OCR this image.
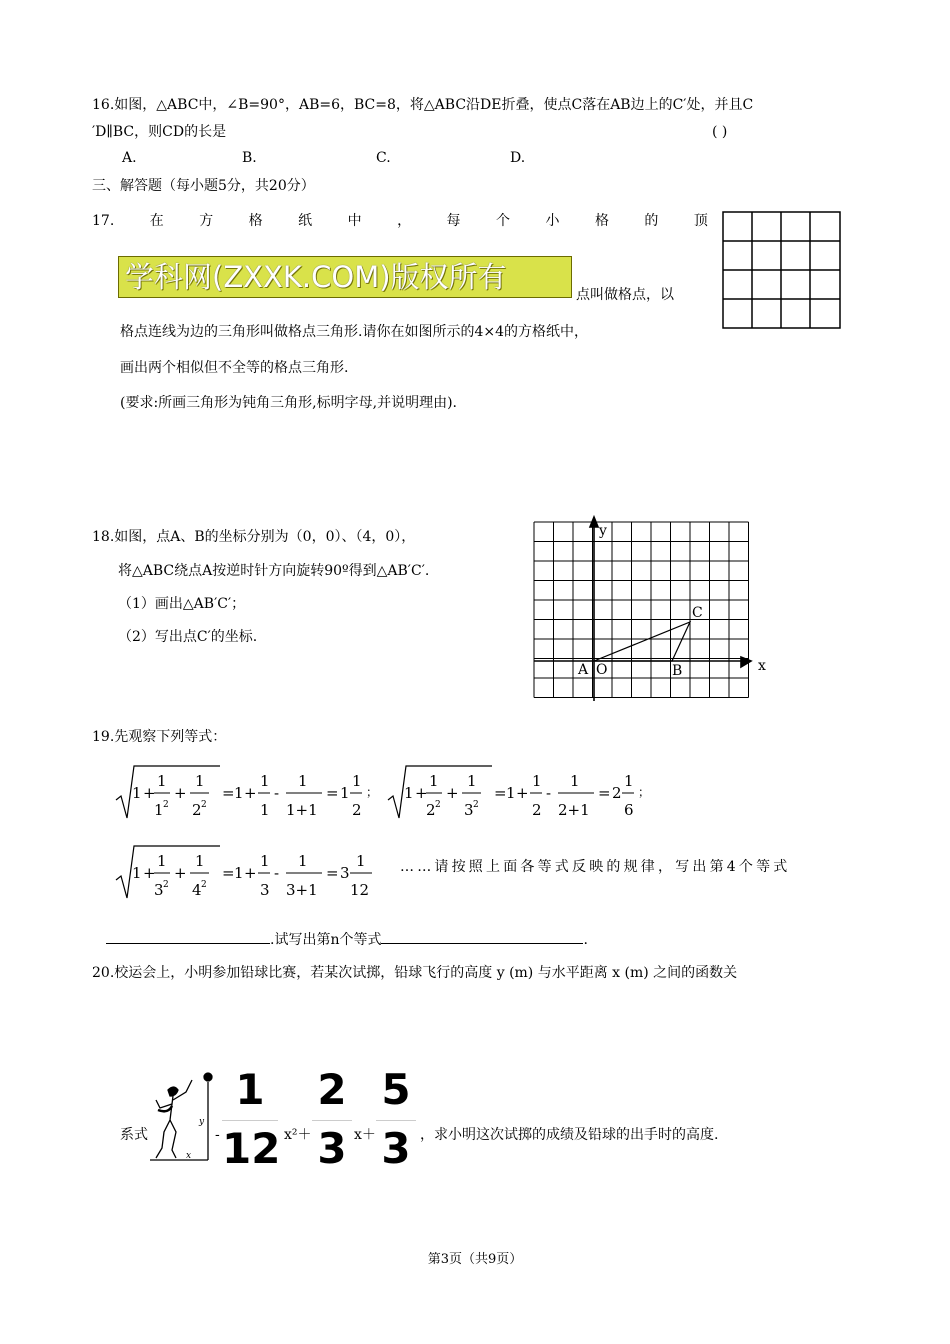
16.如图，△ABC中，∠B=90°，AB=6，BC=8，将△ABC沿DE折叠，使点C落在AB边上的C′处，并且C
′D∥BC，则CD的长是	( )
A.	B.	C.	D.
三、解答题（每小题5分，共20分）
17.	在	方	格	纸	中	，	每	个	小	格	的	顶
学科网(ZXXK.COM)版权所有
点叫做格点，以
格点连线为边的三角形叫做格点三角形.请你在如图所示的4×4的方格纸中，
画出两个相似但不全等的格点三角形.
(要求:所画三角形为钝角三角形,标明字母,并说明理由).
18.如图，点A、B的坐标分别为（0，0）、（4，0），
将△ABC绕点A按逆时针方向旋转90º得到△AB′C′.
（1）画出△AB′C′；
（2）写出点C′的坐标.
y
x
A O	B
C
19.先观察下列等式：
1 +
1
1 2
+
1
2 2
= 1 +
1
1
-
1
1+1
= 1
1
2
； 1 +
1
2 2
+
1
3 2
= 1 +
1
2
-
1
2+1
= 2
1
6
；
1 +
1
3 2
+
1
4 2
= 1 +
1
3
-
1
3+1
= 3
1
12
……请按照上面各等式反映的规律，写出第4个等式
.试写出第n个等式	.
20.校运会上，小明参加铅球比赛，若某次试掷，铅球飞行的高度 y (m) 与水平距离 x (m) 之间的函数关
系式
y
x
-
1
12 x²＋
2
3 x＋
5
3 ，求小明这次试掷的成绩及铅球的出手时的高度.
第3页（共9页）
